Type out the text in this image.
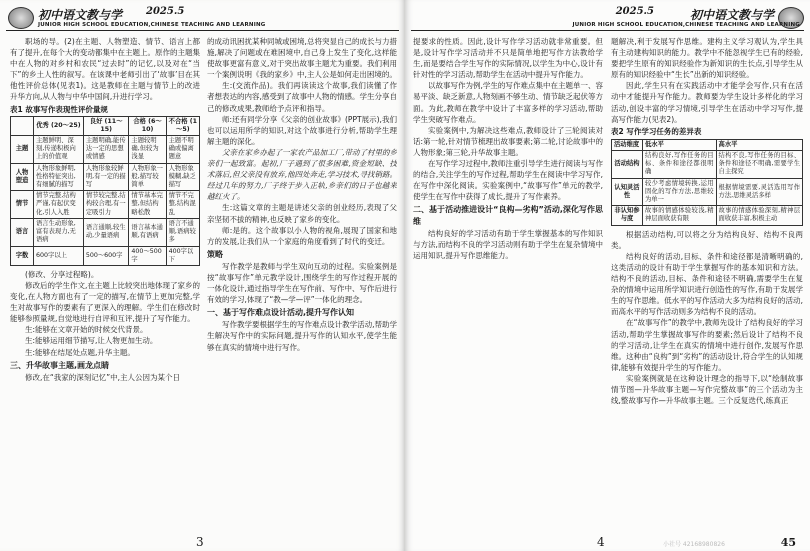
初中语文教与学 2025.5
JUNIOR HIGH SCHOOL EDUCATION,CHINESE TEACHING AND LEARNING

职场的导。(2)在主题、人物塑造、情节、语言上都有了提升,在每个大的变动都集中在主题上。原作的主题集中在人物的对乡村和农民“过去时”的记忆,以及对在“当下”的乡土人性的叙写。在该课中老师引出了‘故事’目在其他性评价总体(见表1)。这是教师在主题与情节上的改进升华方向,从人物与中华中国间,升进行学习。

表1 故事写作表现性评价量规
	优秀 (20～25)	良好 (11～15)	合格 (6～10)	不合格 (1～5)
主题	主题鲜明、深刻,传递积极向上的价值观	主题明确,能传达一定的思想或情感	主题较明确,但较为浅显	主题不明确或偏离题意
人物塑造	人物形象鲜明,性格特征突出,有细腻的描写	人物形象较鲜明,有一定的描写	人物形象一般,描写较简单	人物形象模糊,缺乏描写
情节	情节完整,结构严谨,有起伏变化,引人入胜	情节较完整,结构较合理,有一定吸引力	情节基本完整,但结构略松散	情节不完整,结构混乱
语言	语言生动形象,富有表现力,无语病	语言通顺,较生动,少量语病	语言基本通顺,有语病	语言不通顺,语病较多
字数	600字以上	500～600字	400～500字	400字以下

(修改、分享过程略)。

修改后的学生作文,在主题上比较突出地体现了家乡的变化,在人物方面也有了一定的描写,在情节上更加完整,学生对故事写作的要素有了更深入的理解。学生们在修改时能够参照量规,自觉地进行自评和互评,提升了写作能力。

生:能够在文章开始的时候交代背景。

生:能够运用细节描写,让人物更加生动。

生:能够在结尾处点题,升华主题。

三、升华故事主题,画龙点睛

修改,在“我家的深刻记忆”中,主人公因为某个日

的成动讯困扰某种同城或困境,总将突显自己的成长与力措施,解决了问题或在难困境中,自己身上发生了变化,这样能使故事更富有意义,对于突出故事主题尤为重要。我们利用一个案例说明《我的家乡》中,主人公是如何走出困境的。

生:(交流作品)。我们再读读这个故事,我们读懂了作者想表达的内容,感受到了故事中人物的情感。学生分享自己的修改成果,教师给予点评和指导。

师:还有同学分享《父亲的创业故事》(PPT展示),我们也可以运用所学的知识,对这个故事进行分析,帮助学生理解主题的深化。

父亲在家乡办起了一家农产品加工厂,带动了村里的乡亲们一起致富。起初,厂子遇到了很多困难,资金短缺、技术落后,但父亲没有放弃,他四处奔走,学习技术,寻找销路。经过几年的努力,厂子终于步入正轨,乡亲们的日子也越来越红火了。

生:这篇文章的主题是讲述父亲的创业经历,表现了父亲坚韧不拔的精神,也反映了家乡的变化。

师:是的。这个故事以小人物的视角,展现了国家和地方的发展,让我们从一个家庭的角度看到了时代的变迁。

策略

写作教学是教师与学生双向互动的过程。实验案例是按“故事写作”单元教学设计,围绕学生的写作过程开展的一体化设计,通过指导学生在写作前、写作中、写作后进行有效的学习,体现了“教—学—评”一体化的理念。

一、基于写作难点设计活动,提升写作认知

写作教学要根据学生的写作难点设计教学活动,帮助学生解决写作中的实际问题,提升写作的认知水平,使学生能够在真实的情境中进行写作。

3
2025.5	初中语文教与学
JUNIOR HIGH SCHOOL EDUCATION,CHINESE TEACHING AND LEARNING

提要求的性质。因此,设计写作学习活动就非常重要。但是,设计写作学习活动并不只是简单地把写作方法教给学生,而是要结合学生写作的实际情况,以学生为中心,设计有针对性的学习活动,帮助学生在活动中提升写作能力。

以故事写作为例,学生的写作难点集中在主题单一、容易平淡、缺乏新意,人物刻画不够生动、情节缺乏起伏等方面。为此,教师在教学中设计了丰富多样的学习活动,帮助学生突破写作难点。

实验案例中,为解决这些难点,教师设计了三轮阅读对话:第一轮,针对情节梳理出故事要素;第二轮,讨论故事中的人物形象;第三轮,升华故事主题。

在写作学习过程中,教师注重引导学生进行阅读与写作的结合,关注学生的写作过程,帮助学生在阅读中学习写作,在写作中深化阅读。实验案例中,“故事写作”单元的教学,使学生在写作中获得了成长,提升了写作素养。

二、基于活动推进设计“良构—劣构”活动,深化写作思维

结构良好的学习活动有助于学生掌握基本的写作知识与方法,而结构不良的学习活动则有助于学生在复杂情境中运用知识,提升写作思维能力。

题解决,利于发展写作思维。建构主义学习观认为,学生具有主动建构知识的能力。教学中不能忽视学生已有的经验,要把学生原有的知识经验作为新知识的生长点,引导学生从原有的知识经验中“生长”出新的知识经验。

因此,学生只有在实践活动中才能学会写作,只有在活动中才能提升写作能力。教师要为学生设计多样化的学习活动,创设丰富的学习情境,引导学生在活动中学习写作,提高写作能力(见表2)。

表2 写作学习任务的差异表
活动维度	低水平	高水平
活动结构	结构良好,写作任务的目标、条件和途径都很明确	结构不良,写作任务的目标、条件和途径不明确,需要学生自主探究
认知灵活性	较少考虑情境转换,运用固化的写作方法,思维较为单一	根据情境需要,灵活选用写作方法,思维灵活多样
非认知参与度	故事的情感体验较浅,精神层面收获有限	故事的情感体验深刻,精神层面收获丰富,积极主动

根据活动结构,可以将之分为结构良好、结构不良两类。

结构良好的活动,目标、条件和途径都是清晰明确的,这类活动的设计有助于学生掌握写作的基本知识和方法。结构不良的活动,目标、条件和途径不明确,需要学生在复杂的情境中运用所学知识进行创造性的写作,有助于发展学生的写作思维。低水平的写作活动大多为结构良好的活动,而高水平的写作活动则多为结构不良的活动。

在“故事写作”的教学中,教师先设计了结构良好的学习活动,帮助学生掌握故事写作的要素;然后设计了结构不良的学习活动,让学生在真实的情境中进行创作,发展写作思维。这种由“良构”到“劣构”的活动设计,符合学生的认知规律,能够有效提升学生的写作能力。

实验案例就是在这种设计理念的指导下,以“绘制故事情节图—升华故事主题—写作完整故事”的三个活动为主线,整故事写作—升华故事主题。三个反复迭代,练真正

4	45
小社号 42168980826
